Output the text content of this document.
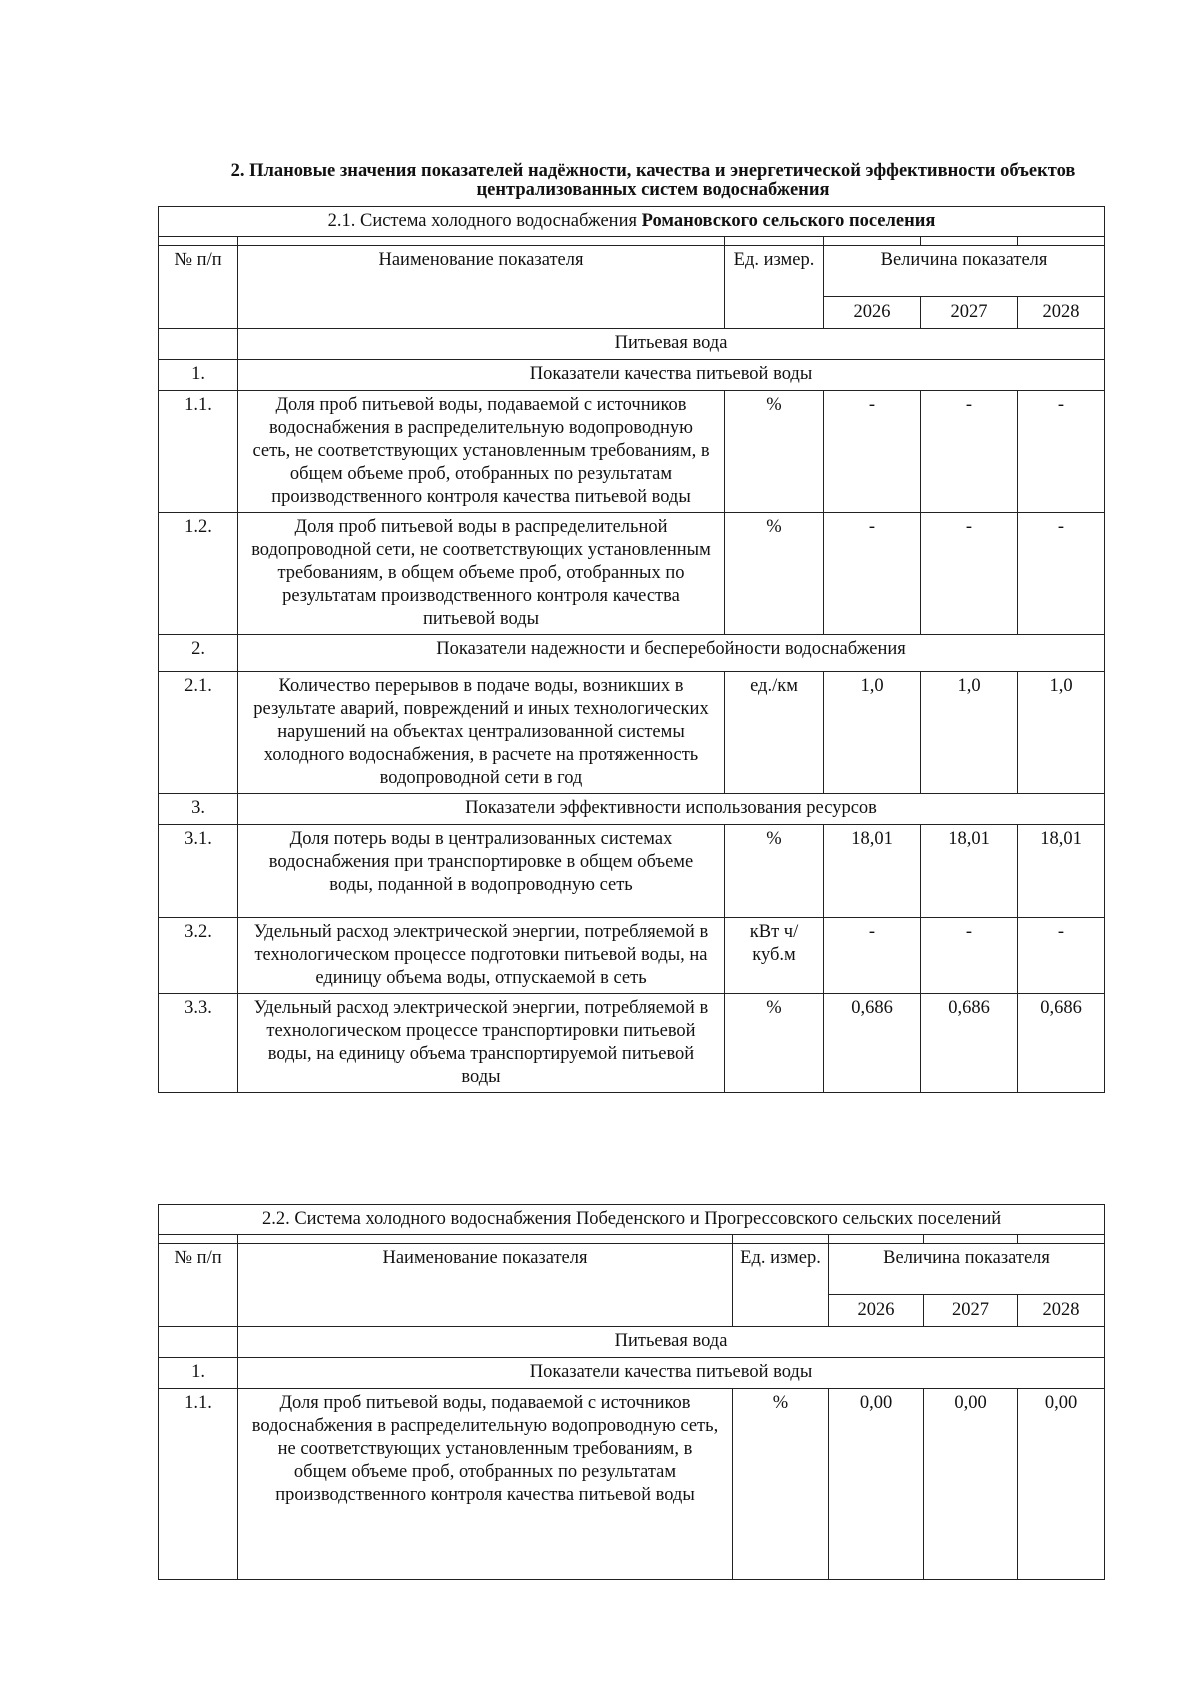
2. Плановые значения показателей надёжности, качества и энергетической эффективности объектов
централизованных систем водоснабжения
2.1. Система холодного водоснабжения Романовского сельского поселения					

№ п/п	Наименование показателя	Ед. измер.	Величина показателя		
			2026	2027	2028
	Питьевая вода				
1.	Показатели качества питьевой воды				
1.1.	Доля проб питьевой воды, подаваемой с источников водоснабжения в распределительную водопроводную сеть, не соответствующих установленным требованиям, в общем объеме проб, отобранных по результатам производственного контроля качества питьевой воды	%	-	-	-
1.2.	Доля проб питьевой воды в распределительной водопроводной сети, не соответствующих установленным требованиям, в общем объеме проб, отобранных по результатам производственного контроля качества питьевой воды	%	-	-	-
2.	Показатели надежности и бесперебойности водоснабжения				
2.1.	Количество перерывов в подаче воды, возникших в результате аварий, повреждений и иных технологических нарушений на объектах централизованной системы холодного водоснабжения, в расчете на протяженность водопроводной сети в год	ед./км	1,0	1,0	1,0
3.	Показатели эффективности использования ресурсов				
3.1.	Доля потерь воды в централизованных системах водоснабжения при транспортировке в общем объеме воды, поданной в водопроводную сеть	%	18,01	18,01	18,01
3.2.	Удельный расход электрической энергии, потребляемой в технологическом процессе подготовки питьевой воды, на единицу объема воды, отпускаемой в сеть	кВт ч/куб.м	-	-	-
3.3.	Удельный расход электрической энергии, потребляемой в технологическом процессе транспортировки питьевой воды, на единицу объема транспортируемой питьевой воды	%	0,686	0,686	0,686
2.2. Система холодного водоснабжения Победенского и Прогрессовского сельских поселений					

№ п/п	Наименование показателя	Ед. измер.	Величина показателя		
			2026	2027	2028
	Питьевая вода				
1.	Показатели качества питьевой воды				
1.1.	Доля проб питьевой воды, подаваемой с источников водоснабжения в распределительную водопроводную сеть, не соответствующих установленным требованиям, в общем объеме проб, отобранных по результатам производственного контроля качества питьевой воды	%	0,00	0,00	0,00
